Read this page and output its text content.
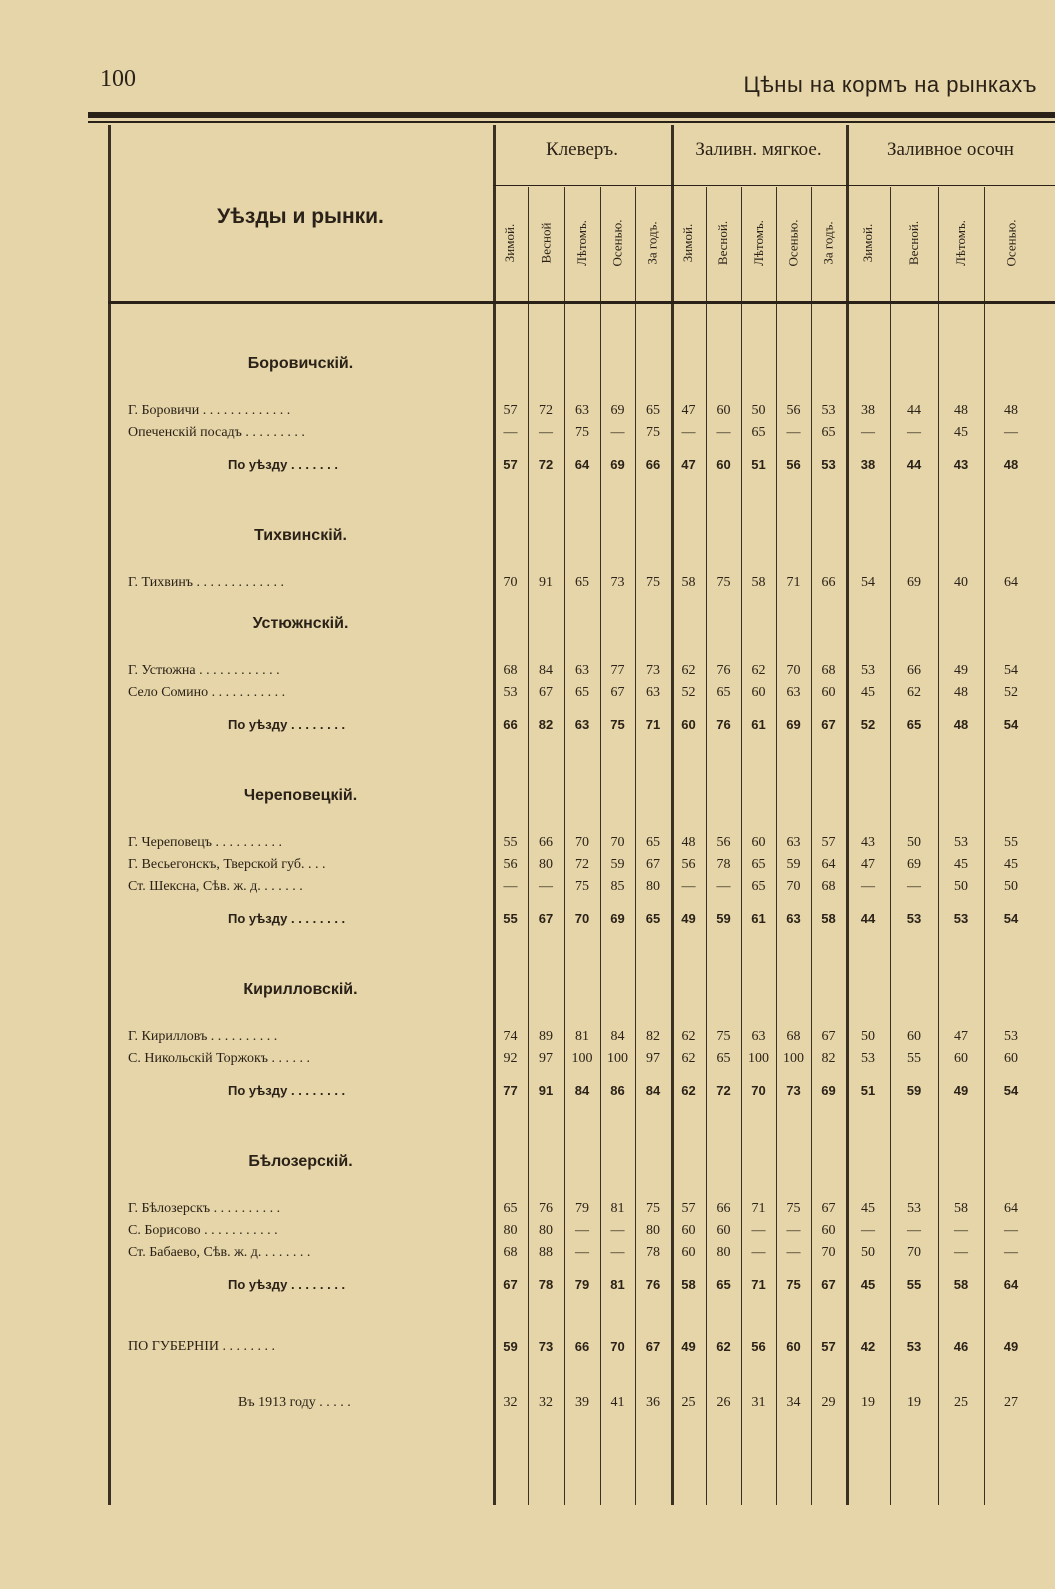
100	Цѣны на кормъ на рынкахъ
Уѣзды и рынки.
Клеверъ.
Зимой. Весной Лѣтомъ. Осенью. За годъ.
Заливн. мягкое.
Зимой. Весной. Лѣтомъ. Осенью. За годъ.
Заливное осочн
Зимой. Весной. Лѣтомъ.	Осенью.
Боровичскій.
Г. Боровичи . . . . . . . . . . . . .	57	72	63	69	65	47	60	50	56	53	38	44	48	48
Опеченскій посадъ . . . . . . . . .	—	—	75	—	75	—	—	65	—	65	—	—	45	—
По уѣзду . . . . . . .	57	72	64	69	66	47	60	51	56	53	38	44	43	48
Тихвинскій.
Г. Тихвинъ . . . . . . . . . . . . .	70	91	65	73	75	58	75	58	71	66	54	69	40	64
Устюжнскій.
Г. Устюжна . . . . . . . . . . . .	68	84	63	77	73	62	76	62	70	68	53	66	49	54
Село Сомино . . . . . . . . . . .	53	67	65	67	63	52	65	60	63	60	45	62	48	52
По уѣзду . . . . . . . .	66	82	63	75	71	60	76	61	69	67	52	65	48	54
Череповецкій.
Г. Череповецъ . . . . . . . . . .	55	66	70	70	65	48	56	60	63	57	43	50	53	55
Г. Весьегонскъ, Тверской губ. . . .	56	80	72	59	67	56	78	65	59	64	47	69	45	45
Ст. Шексна, Сѣв. ж. д. . . . . . .	—	—	75	85	80	—	—	65	70	68	—	—	50	50
По уѣзду . . . . . . . .	55	67	70	69	65	49	59	61	63	58	44	53	53	54
Кирилловскій.
Г. Кирилловъ . . . . . . . . . .	74	89	81	84	82	62	75	63	68	67	50	60	47	53
С. Никольскій Торжокъ . . . . . .	92	97	100	100	97	62	65	100	100	82	53	55	60	60
По уѣзду . . . . . . . .	77	91	84	86	84	62	72	70	73	69	51	59	49	54
Бѣлозерскій.
Г. Бѣлозерскъ . . . . . . . . . .	65	76	79	81	75	57	66	71	75	67	45	53	58	64
С. Борисово . . . . . . . . . . .	80	80	—	—	80	60	60	—	—	60	—	—	—	—
Ст. Бабаево, Сѣв. ж. д. . . . . . . .	68	88	—	—	78	60	80	—	—	70	50	70	—	—
По уѣзду . . . . . . . .	67	78	79	81	76	58	65	71	75	67	45	55	58	64
ПО ГУБЕРНІИ . . . . . . . .	59	73	66	70	67	49	62	56	60	57	42	53	46	49
Въ 1913 году . . . . .	32	32	39	41	36	25	26	31	34	29	19	19	25	27
